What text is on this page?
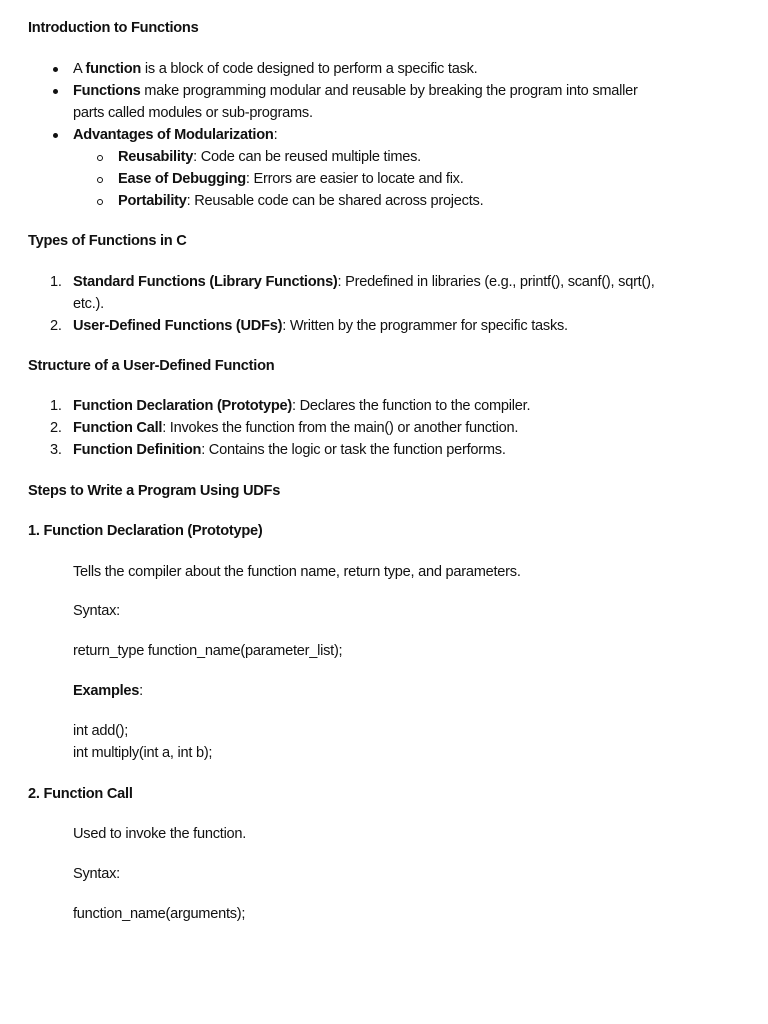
Introduction to Functions
A function is a block of code designed to perform a specific task.
Functions make programming modular and reusable by breaking the program into smaller
parts called modules or sub-programs.
Advantages of Modularization:
Reusability: Code can be reused multiple times.
Ease of Debugging: Errors are easier to locate and fix.
Portability: Reusable code can be shared across projects.
Types of Functions in C
1. Standard Functions (Library Functions): Predefined in libraries (e.g., printf(), scanf(), sqrt(),
etc.).
2. User-Defined Functions (UDFs): Written by the programmer for specific tasks.
Structure of a User-Defined Function
1. Function Declaration (Prototype): Declares the function to the compiler.
2. Function Call: Invokes the function from the main() or another function.
3. Function Definition: Contains the logic or task the function performs.
Steps to Write a Program Using UDFs
1. Function Declaration (Prototype)
Tells the compiler about the function name, return type, and parameters.
Syntax:
return_type function_name(parameter_list);
Examples:
int add();
int multiply(int a, int b);
2. Function Call
Used to invoke the function.
Syntax:
function_name(arguments);
